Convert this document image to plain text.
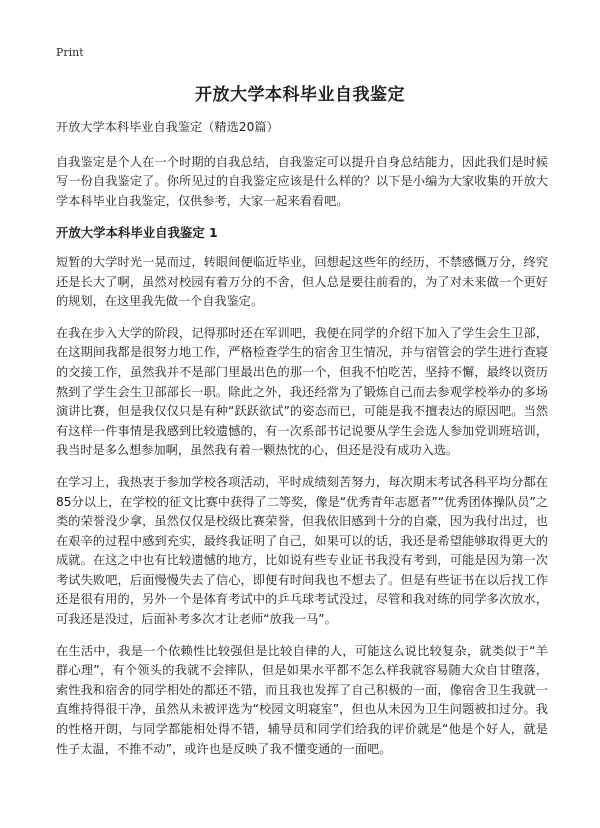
Print
开放大学本科毕业自我鉴定

开放大学本科毕业自我鉴定（精选20篇）

自我鉴定是个人在一个时期的自我总结，自我鉴定可以提升自身总结能力，因此我们是时候写一份自我鉴定了。你所见过的自我鉴定应该是什么样的？以下是小编为大家收集的开放大学本科毕业自我鉴定，仅供参考，大家一起来看看吧。

开放大学本科毕业自我鉴定 1

短暂的大学时光一晃而过，转眼间便临近毕业，回想起这些年的经历，不禁感慨万分，终究还是长大了啊，虽然对校园有着万分的不舍，但人总是要往前看的，为了对未来做一个更好的规划，在这里我先做一个自我鉴定。

在我在步入大学的阶段，记得那时还在军训吧，我便在同学的介绍下加入了学生会生卫部，在这期间我都是很努力地工作，严格检查学生的宿舍卫生情况，并与宿管会的学生进行查寝的交接工作，虽然我并不是部门里最出色的那一个，但我不怕吃苦，坚持不懈，最终以资历熬到了学生会生卫部部长一职。除此之外，我还经常为了锻炼自己而去参观学校举办的多场演讲比赛，但是我仅仅只是有种“跃跃欲试”的姿态而已，可能是我不擅表达的原因吧。当然有这样一件事情是我感到比较遗憾的，有一次系部书记说要从学生会选人参加党训班培训，我当时是多么想参加啊，虽然我有着一颗热忱的心，但还是没有成功入选。

在学习上，我热衷于参加学校各项活动，平时成绩刻苦努力，每次期末考试各科平均分都在85分以上，在学校的征文比赛中获得了二等奖，像是“优秀青年志愿者”“优秀团体操队员”之类的荣誉没少拿，虽然仅仅是校级比赛荣誉，但我依旧感到十分的自豪，因为我付出过，也在艰辛的过程中感到充实，最终我证明了自己，如果可以的话，我还是希望能够取得更大的成就。在这之中也有比较遗憾的地方，比如说有些专业证书我没有考到，可能是因为第一次考试失败吧，后面慢慢失去了信心，即便有时间我也不想去了。但是有些证书在以后找工作还是很有用的，另外一个是体育考试中的乒乓球考试没过，尽管和我对练的同学多次放水，可我还是没过，后面补考多次才让老师“放我一马”。

在生活中，我是一个依赖性比较强但是比较自律的人，可能这么说比较复杂，就类似于“羊群心理”，有个领头的我就不会摔队，但是如果水平都不怎么样我就容易随大众自甘堕落，索性我和宿舍的同学相处的都还不错，而且我也发挥了自己积极的一面，像宿舍卫生我就一直维持得很干净，虽然从未被评选为“校园文明寝室”，但也从未因为卫生问题被扣过分。我的性格开朗，与同学都能相处得不错，辅导员和同学们给我的评价就是“他是个好人，就是性子太温，不推不动”，或许也是反映了我不懂变通的一面吧。
